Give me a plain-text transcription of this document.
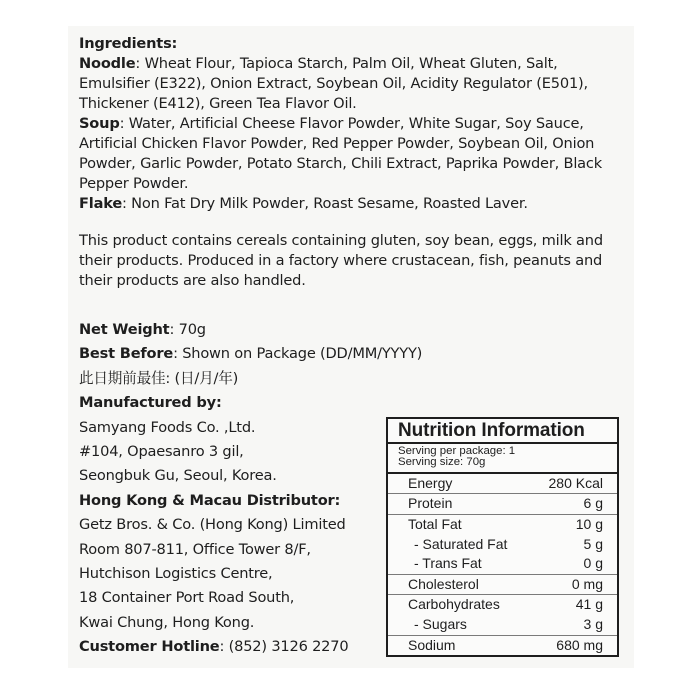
Ingredients:

Noodle: Wheat Flour, Tapioca Starch, Palm Oil, Wheat Gluten, Salt, Emulsifier (E322), Onion Extract, Soybean Oil, Acidity Regulator (E501), Thickener (E412), Green Tea Flavor Oil.

Soup: Water, Artificial Cheese Flavor Powder, White Sugar, Soy Sauce, Artificial Chicken Flavor Powder, Red Pepper Powder, Soybean Oil, Onion Powder, Garlic Powder, Potato Starch, Chili Extract, Paprika Powder, Black Pepper Powder.

Flake: Non Fat Dry Milk Powder, Roast Sesame, Roasted Laver.

This product contains cereals containing gluten, soy bean, eggs, milk and their products. Produced in a factory where crustacean, fish, peanuts and their products are also handled.

Net Weight: 70g
Best Before: Shown on Package (DD/MM/YYYY)
此日期前最佳: (日/月/年)
Manufactured by:
Samyang Foods Co. ,Ltd.
#104, Opaesanro 3 gil,
Seongbuk Gu, Seoul, Korea.
Hong Kong & Macau Distributor:
Getz Bros. & Co. (Hong Kong) Limited
Room 807-811, Office Tower 8/F,
Hutchison Logistics Centre,
18 Container Port Road South,
Kwai Chung, Hong Kong.
Customer Hotline: (852) 3126 2270
Nutrition Information
Serving per package: 1
Serving size: 70g
Energy	280 Kcal
Protein	6 g
Total Fat	10 g
- Saturated Fat	5 g
- Trans Fat	0 g
Cholesterol	0 mg
Carbohydrates	41 g
- Sugars	3 g
Sodium	680 mg
